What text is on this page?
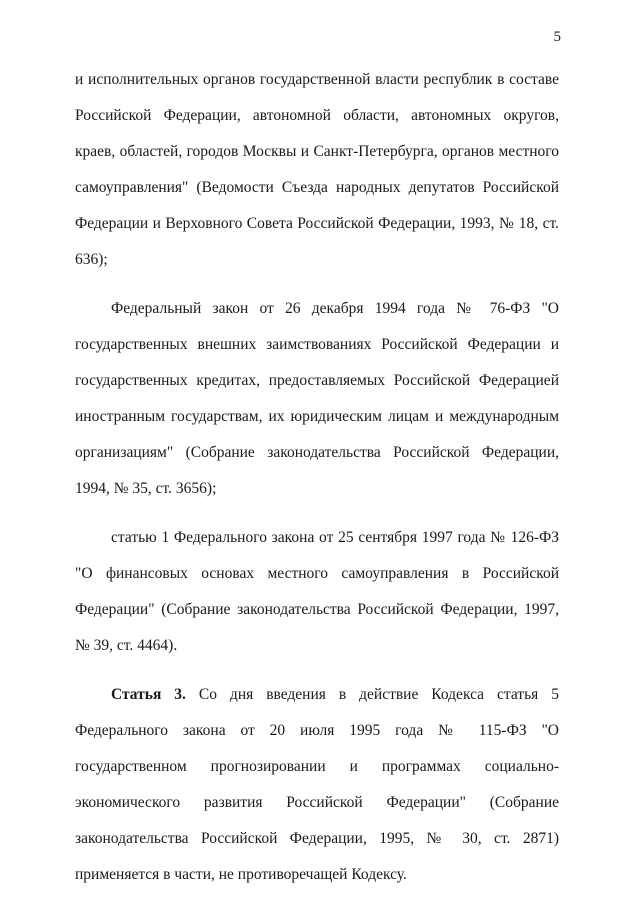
5

и исполнительных органов государственной власти республик в составе Российской Федерации, автономной области, автономных округов, краев, областей, городов Москвы и Санкт-Петербурга, органов местного самоуправления" (Ведомости Съезда народных депутатов Российской Федерации и Верховного Совета Российской Федерации, 1993, № 18, ст. 636);

Федеральный закон от 26 декабря 1994 года № 76-ФЗ "О государственных внешних заимствованиях Российской Федерации и государственных кредитах, предоставляемых Российской Федерацией иностранным государствам, их юридическим лицам и международным организациям" (Собрание законодательства Российской Федерации, 1994, № 35, ст. 3656);

статью 1 Федерального закона от 25 сентября 1997 года № 126-ФЗ "О финансовых основах местного самоуправления в Российской Федерации" (Собрание законодательства Российской Федерации, 1997, № 39, ст. 4464).

Статья 3. Со дня введения в действие Кодекса статья 5 Федерального закона от 20 июля 1995 года № 115-ФЗ "О государственном прогнозировании и программах социально-экономического развития Российской Федерации" (Собрание законодательства Российской Федерации, 1995, № 30, ст. 2871) применяется в части, не противоречащей Кодексу.
